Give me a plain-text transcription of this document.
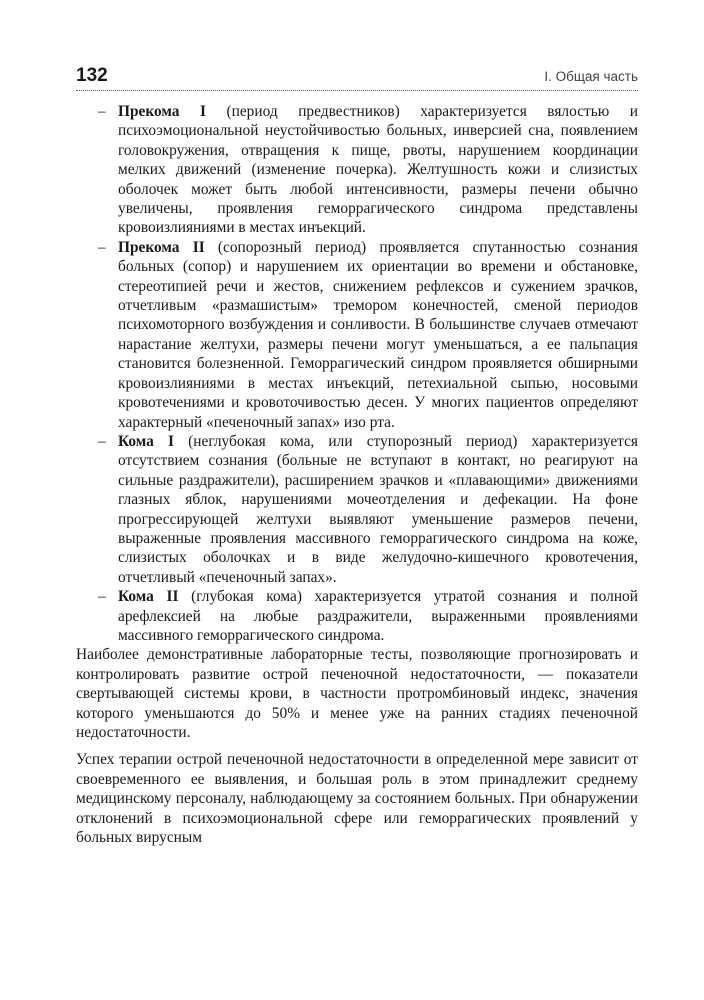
132	I. Общая часть

– Прекома I (период предвестников) характеризуется вялостью и психоэмоциональной неустойчивостью больных, инверсией сна, появлением головокружения, отвращения к пище, рвоты, нарушением координации мелких движений (изменение почерка). Желтушность кожи и слизистых оболочек может быть любой интенсивности, размеры печени обычно увеличены, проявления геморрагического синдрома представлены кровоизлияниями в местах инъекций.

– Прекома II (сопорозный период) проявляется спутанностью сознания больных (сопор) и нарушением их ориентации во времени и обстановке, стереотипией речи и жестов, снижением рефлексов и сужением зрачков, отчетливым «размашистым» тремором конечностей, сменой периодов психомоторного возбуждения и сонливости. В большинстве случаев отмечают нарастание желтухи, размеры печени могут уменьшаться, а ее пальпация становится болезненной. Геморрагический синдром проявляется обширными кровоизлияниями в местах инъекций, петехиальной сыпью, носовыми кровотечениями и кровоточивостью десен. У многих пациентов определяют характерный «печеночный запах» изо рта.

– Кома I (неглубокая кома, или ступорозный период) характеризуется отсутствием сознания (больные не вступают в контакт, но реагируют на сильные раздражители), расширением зрачков и «плавающими» движениями глазных яблок, нарушениями мочеотделения и дефекации. На фоне прогрессирующей желтухи выявляют уменьшение размеров печени, выраженные проявления массивного геморрагического синдрома на коже, слизистых оболочках и в виде желудочно-кишечного кровотечения, отчетливый «печеночный запах».

– Кома II (глубокая кома) характеризуется утратой сознания и полной арефлексией на любые раздражители, выраженными проявлениями массивного геморрагического синдрома.

Наиболее демонстративные лабораторные тесты, позволяющие прогнозировать и контролировать развитие острой печеночной недостаточности, — показатели свертывающей системы крови, в частности протромбиновый индекс, значения которого уменьшаются до 50% и менее уже на ранних стадиях печеночной недостаточности.

Успех терапии острой печеночной недостаточности в определенной мере зависит от своевременного ее выявления, и большая роль в этом принадлежит среднему медицинскому персоналу, наблюдающему за состоянием больных. При обнаружении отклонений в психоэмоциональной сфере или геморрагических проявлений у больных вирусным
